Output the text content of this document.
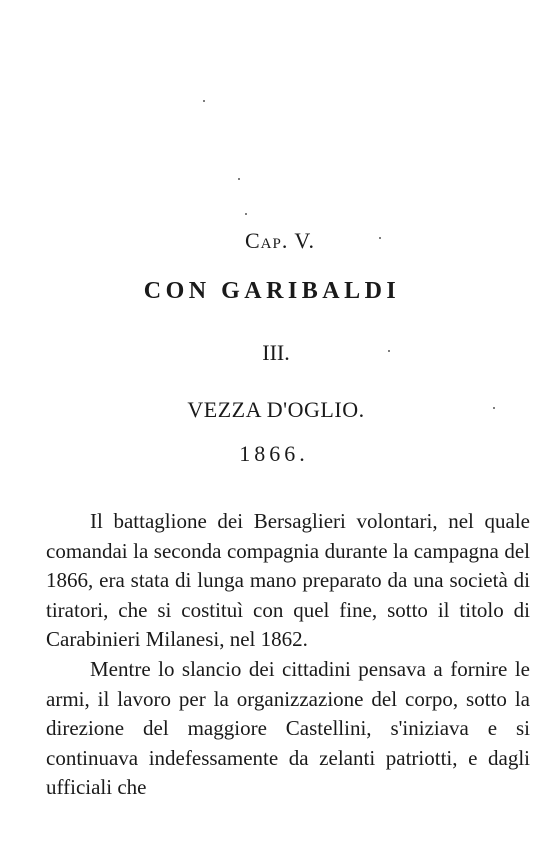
Cap. V.
CON GARIBALDI
III.
VEZZA D'OGLIO.
1866.

Il battaglione dei Bersaglieri volontari, nel quale comandai la seconda compagnia durante la campagna del 1866, era stata di lunga mano preparato da una società di tiratori, che si costituì con quel fine, sotto il titolo di Carabinieri Milanesi, nel 1862.

Mentre lo slancio dei cittadini pensava a fornire le armi, il lavoro per la organizzazione del corpo, sotto la direzione del maggiore Castellini, s'iniziava e si continuava indefessamente da zelanti patriotti, e dagli ufficiali che
